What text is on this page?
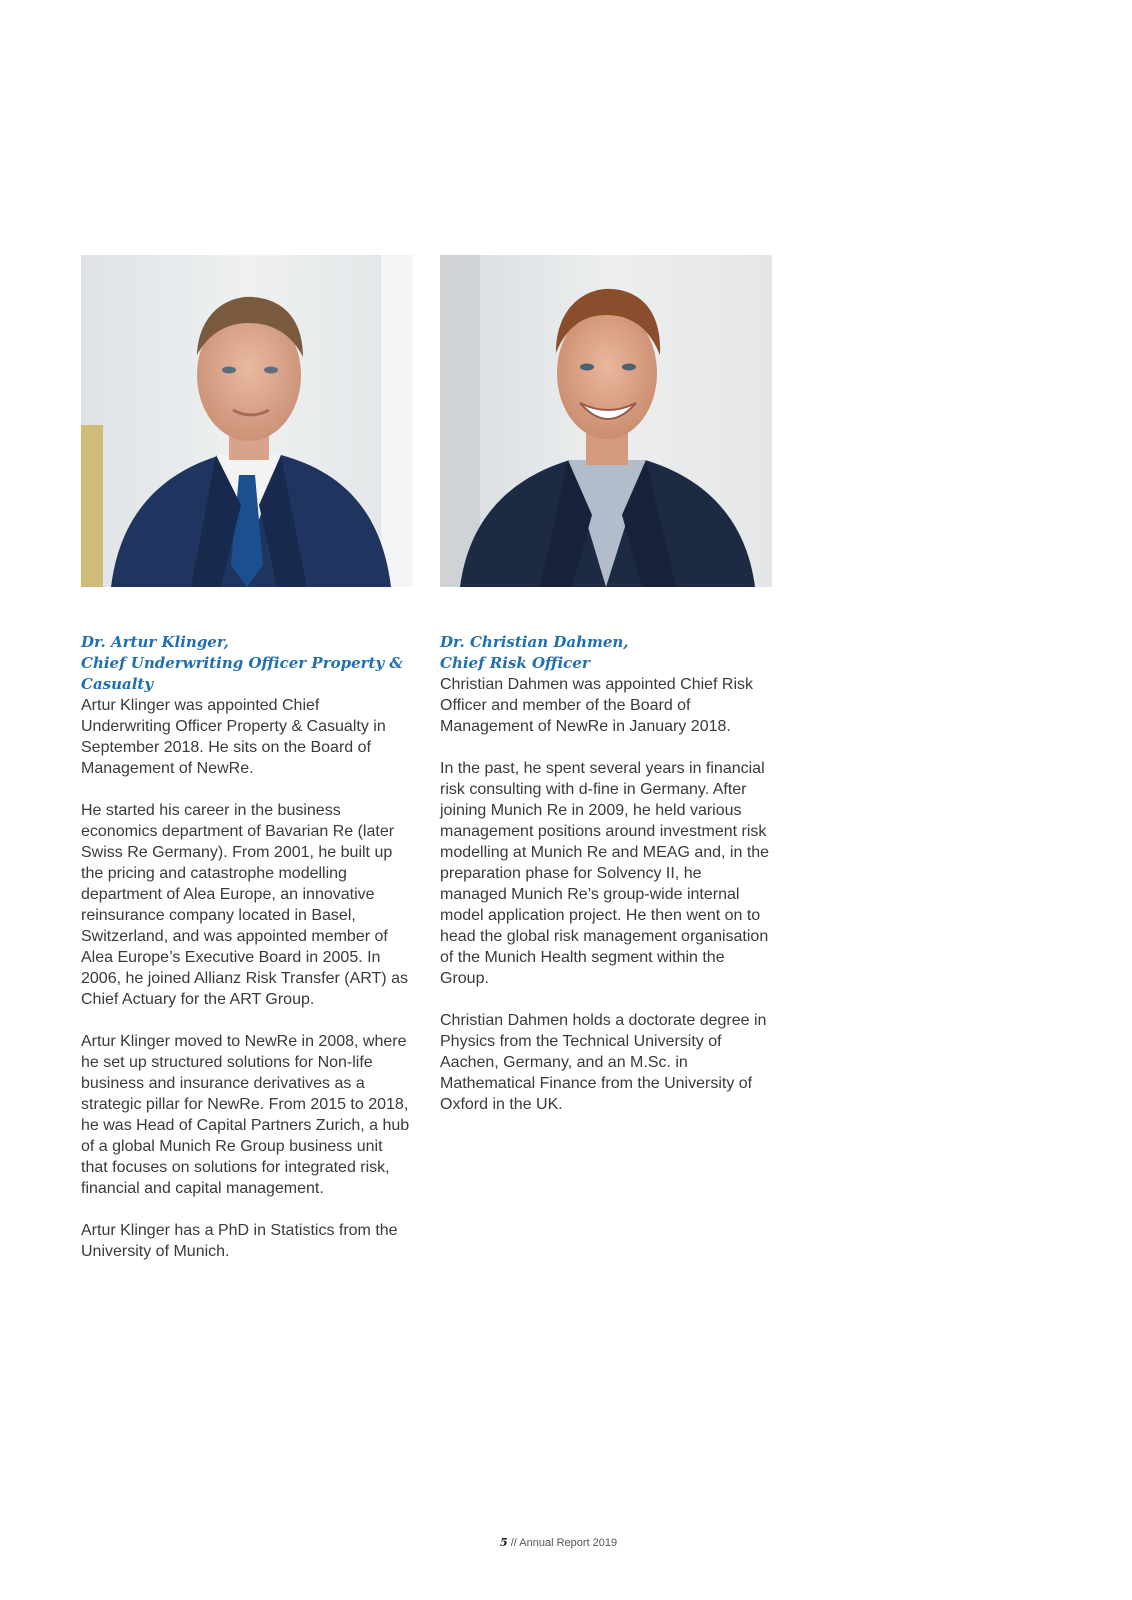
Dr. Artur Klinger,
Chief Underwriting Officer Property &
Casualty

Artur Klinger was appointed Chief Underwriting Officer Property & Casualty in September 2018. He sits on the Board of Management of NewRe.

He started his career in the business economics department of Bavarian Re (later Swiss Re Germany). From 2001, he built up the pricing and catastrophe modelling department of Alea Europe, an innovative reinsurance company located in Basel, Switzerland, and was appointed member of Alea Europe’s Executive Board in 2005. In 2006, he joined Allianz Risk Transfer (ART) as Chief Actuary for the ART Group.

Artur Klinger moved to NewRe in 2008, where he set up structured solutions for Non-life business and insurance derivatives as a strategic pillar for NewRe. From 2015 to 2018, he was Head of Capital Partners Zurich, a hub of a global Munich Re Group business unit that focuses on solutions for integrated risk, financial and capital management.

Artur Klinger has a PhD in Statistics from the University of Munich.

Dr. Christian Dahmen,
Chief Risk Officer

Christian Dahmen was appointed Chief Risk Officer and member of the Board of Management of NewRe in January 2018.

In the past, he spent several years in financial risk consulting with d-fine in Germany. After joining Munich Re in 2009, he held various management positions around investment risk modelling at Munich Re and MEAG and, in the preparation phase for Solvency II, he managed Munich Re’s group-wide internal model application project. He then went on to head the global risk management organisation of the Munich Health segment within the Group.

Christian Dahmen holds a doctorate degree in Physics from the Technical University of Aachen, Germany, and an M.Sc. in Mathematical Finance from the University of Oxford in the UK.

5 // Annual Report 2019
